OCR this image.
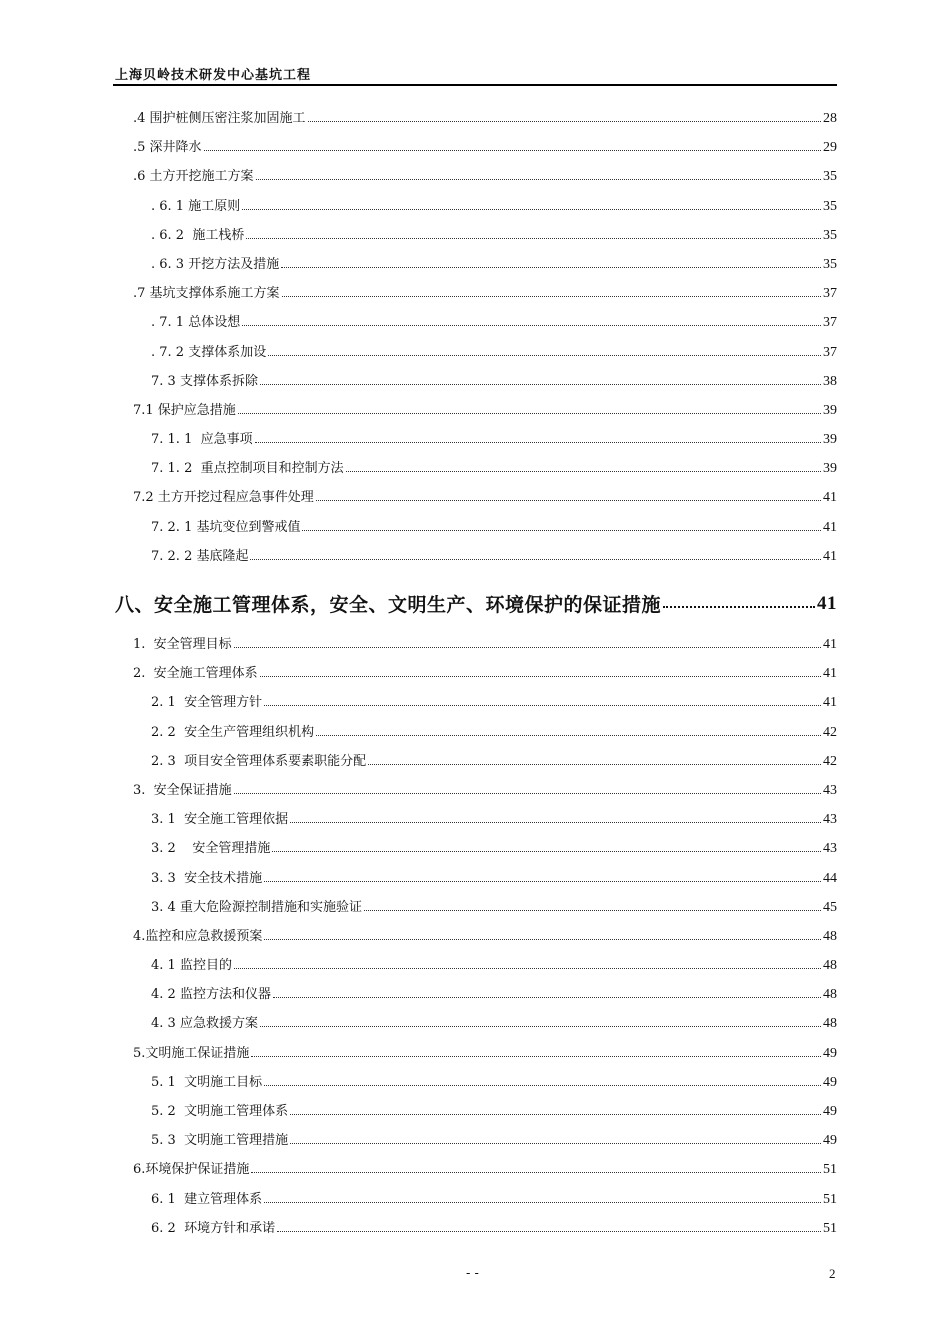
上海贝岭技术研发中心基坑工程
.4 围护桩侧压密注浆加固施工	28
.5 深井降水	29
.6 土方开挖施工方案	35
. 6. 1 施工原则	35
. 6. 2  施工栈桥	35
. 6. 3 开挖方法及措施	35
.7 基坑支撑体系施工方案	37
. 7. 1 总体设想	37
. 7. 2 支撑体系加设	37
7. 3 支撑体系拆除	38
7.1 保护应急措施	39
7. 1. 1  应急事项	39
7. 1. 2  重点控制项目和控制方法	39
7.2 土方开挖过程应急事件处理	41
7. 2. 1 基坑变位到警戒值	41
7. 2. 2 基底隆起	41
八、安全施工管理体系，安全、文明生产、环境保护的保证措施	41
1.  安全管理目标	41
2.  安全施工管理体系	41
2. 1  安全管理方针	41
2. 2  安全生产管理组织机构	42
2. 3  项目安全管理体系要素职能分配	42
3.  安全保证措施	43
3. 1  安全施工管理依据	43
3. 2    安全管理措施	43
3. 3  安全技术措施	44
3. 4 重大危险源控制措施和实施验证	45
4.监控和应急救援预案	48
4. 1 监控目的	48
4. 2 监控方法和仪器	48
4. 3 应急救援方案	48
5.文明施工保证措施	49
5. 1  文明施工目标	49
5. 2  文明施工管理体系	49
5. 3  文明施工管理措施	49
6.环境保护保证措施	51
6. 1  建立管理体系	51
6. 2  环境方针和承诺	51
- -	2
